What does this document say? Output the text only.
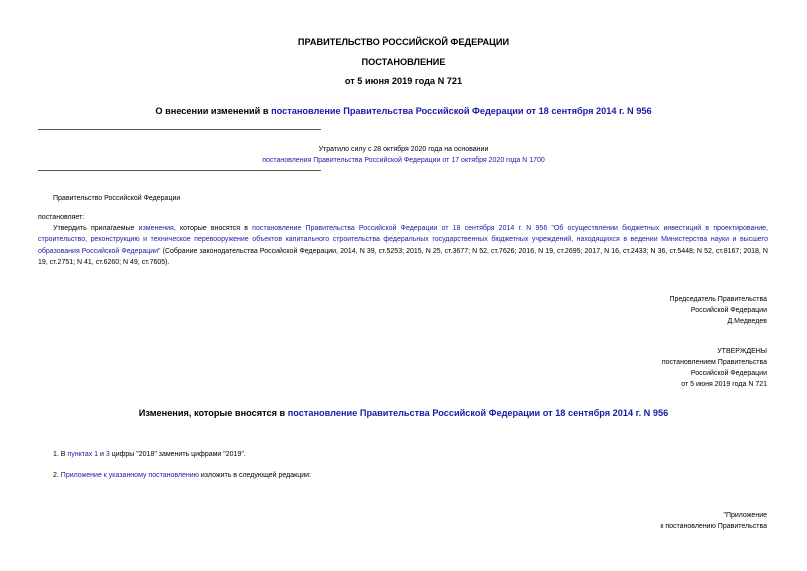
ПРАВИТЕЛЬСТВО РОССИЙСКОЙ ФЕДЕРАЦИИ
ПОСТАНОВЛЕНИЕ
от 5 июня 2019 года N 721
О внесении изменений в постановление Правительства Российской Федерации от 18 сентября 2014 г. N 956
Утратило силу с 28 октября 2020 года на основании
постановления Правительства Российской Федерации от 17 октября 2020 года N 1700
Правительство Российской Федерации
постановляет:
Утвердить прилагаемые изменения, которые вносятся в постановление Правительства Российской Федерации от 18 сентября 2014 г. N 956 "Об осуществлении бюджетных инвестиций в проектирование, строительство, реконструкцию и техническое перевооружение объектов капитального строительства федеральных государственных бюджетных учреждений, находящихся в ведении Министерства науки и высшего образования Российской Федерации" (Собрание законодательства Российской Федерации, 2014, N 39, ст.5253; 2015, N 25, ст.3677; N 52, ст.7626; 2016, N 19, ст.2695; 2017, N 16, ст.2433; N 36, ст.5448; N 52, ст.8167; 2018, N 19, ст.2751; N 41, ст.6260; N 49, ст.7605).
Председатель Правительства
Российской Федерации
Д.Медведев
УТВЕРЖДЕНЫ
постановлением Правительства
Российской Федерации
от 5 июня 2019 года N 721
Изменения, которые вносятся в постановление Правительства Российской Федерации от 18 сентября 2014 г. N 956
1. В пунктах 1 и 3 цифры "2018" заменить цифрами "2019".
2. Приложение к указанному постановлению изложить в следующей редакции:
"Приложение
к постановлению Правительства
